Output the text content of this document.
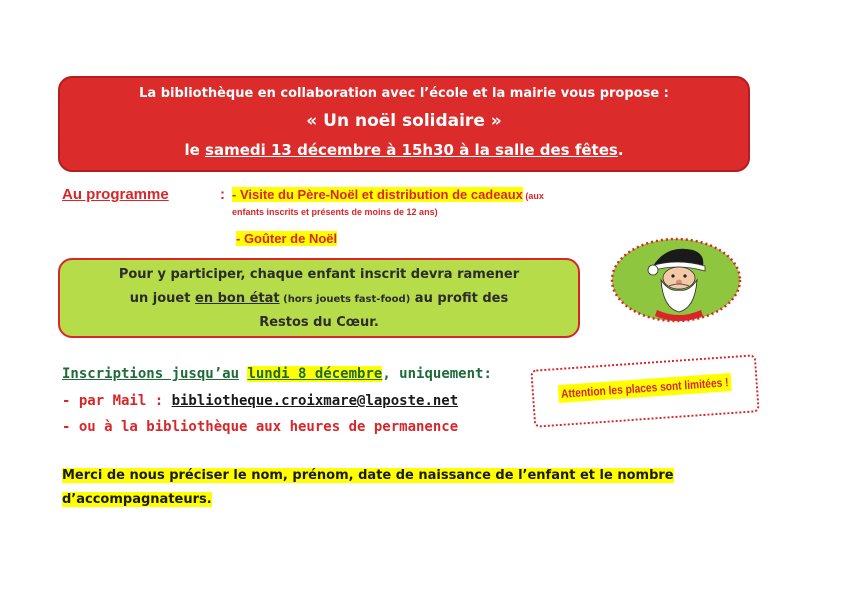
La bibliothèque en collaboration avec l’école et la mairie vous propose :
« Un noël solidaire »
le samedi 13 décembre à 15h30 à la salle des fêtes.
Au programme	: - Visite du Père-Noël et distribution de cadeaux (aux
enfants inscrits et présents de moins de 12 ans)
- Goûter de Noël
Pour y participer, chaque enfant inscrit devra ramener
un jouet en bon état (hors jouets fast-food) au profit des
Restos du Cœur.
Inscriptions jusqu’au lundi 8 décembre, uniquement:
- par Mail : bibliotheque.croixmare@laposte.net
- ou à la bibliothèque aux heures de permanence
Attention les places sont limitées !
Merci de nous préciser le nom, prénom, date de naissance de l’enfant et le nombre
d’accompagnateurs.
